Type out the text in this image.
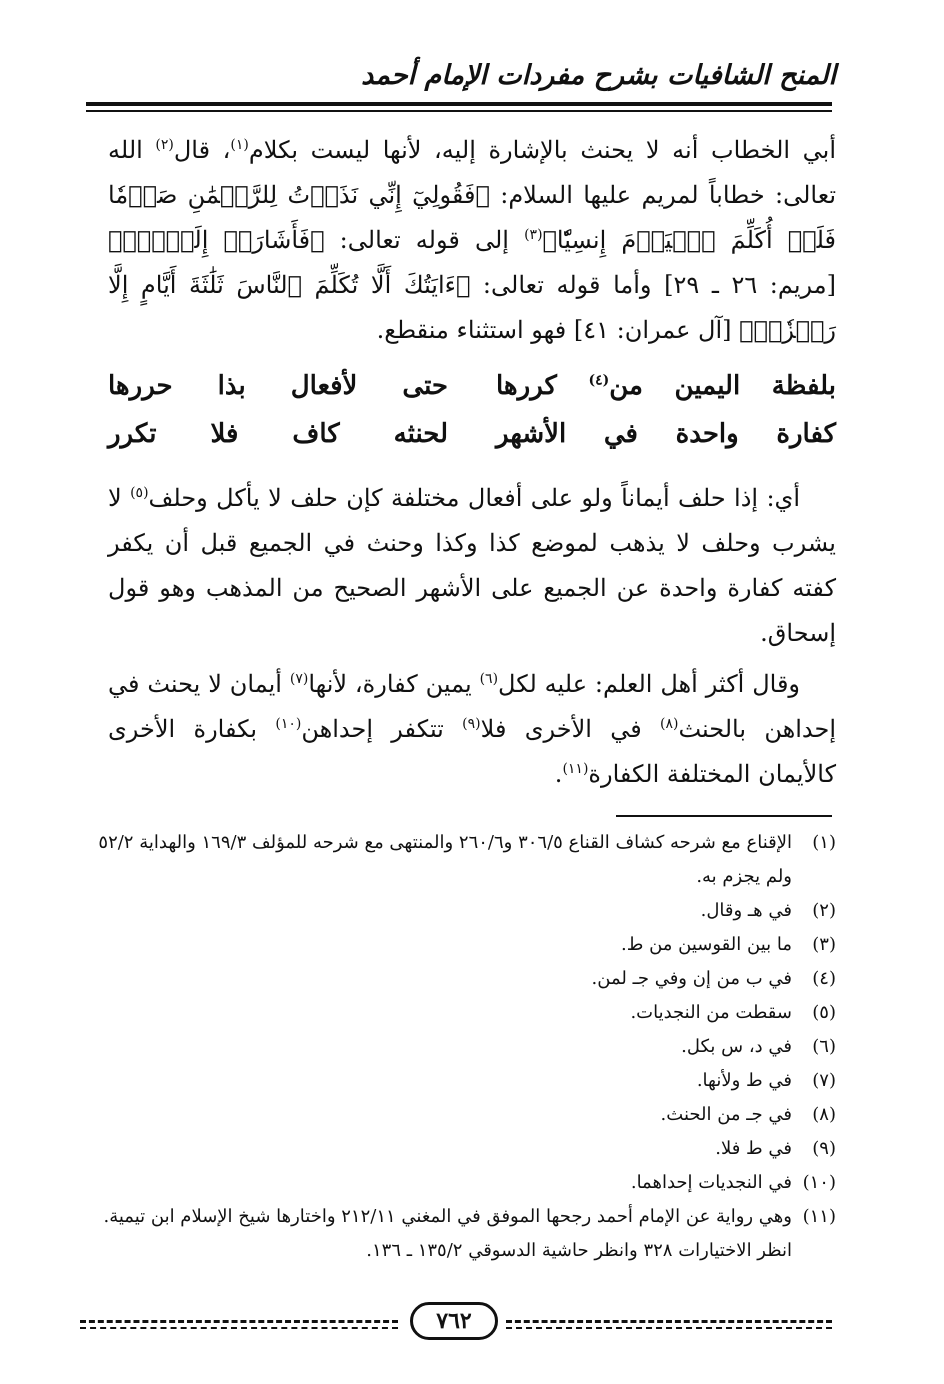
المنح الشافيات بشرح مفردات الإمام أحمد
أبي الخطاب أنه لا يحنث بالإشارة إليه، لأنها ليست بكلام$^{(١)}$، قال$^{(٢)}$ الله تعالى: خطاباً لمريم عليها السلام: ﴿فَقُولِيٓ إِنِّي نَذَرۡتُ لِلرَّحۡمَٰنِ صَوۡمٗا فَلَنۡ أُكَلِّمَ ٱلۡيَوۡمَ إِنسِيّٗا﴾$^{(٣)}$ إلى قوله تعالى: ﴿فَأَشَارَتۡ إِلَيۡهِۖ﴾ [مريم: ٢٦ ـ ٢٩] وأما قوله تعالى: ﴿ءَايَتُكَ أَلَّا تُكَلِّمَ ٱلنَّاسَ ثَلَٰثَةَ أَيَّامٍ إِلَّا رَمۡزٗاۗ﴾ [آل عمران: ٤١] فهو استثناء منقطع.
بلفظة اليمين من$^{(٤)}$ كررها
حتى لأفعال بذا حررها
كفارة واحدة في الأشهر
لحنثه كاف فلا تكرر
أي: إذا حلف أيماناً ولو على أفعال مختلفة كإن حلف لا يأكل وحلف$^{(٥)}$ لا يشرب وحلف لا يذهب لموضع كذا وكذا وحنث في الجميع قبل أن يكفر كفته كفارة واحدة عن الجميع على الأشهر الصحيح من المذهب وهو قول إسحاق.
وقال أكثر أهل العلم: عليه لكل$^{(٦)}$ يمين كفارة، لأنها$^{(٧)}$ أيمان لا يحنث في إحداهن بالحنث$^{(٨)}$ في الأخرى فلا$^{(٩)}$ تتكفر إحداهن$^{(١٠)}$ بكفارة الأخرى كالأيمان المختلفة الكفارة$^{(١١)}$.
(١)
الإقناع مع شرحه كشاف القناع ٣٠٦/٥ و٢٦٠/٦ والمنتهى مع شرحه للمؤلف ١٦٩/٣ والهداية ٥٢/٢ ولم يجزم به.
(٢)
في هـ وقال.
(٣)
ما بين القوسين من ط.
(٤)
في ب من إن وفي جـ لمن.
(٥)
سقطت من النجديات.
(٦)
في د، س بكل.
(٧)
في ط ولأنها.
(٨)
في جـ من الحنث.
(٩)
في ط فلا.
(١٠)
في النجديات إحداهما.
(١١)
وهي رواية عن الإمام أحمد رجحها الموفق في المغني ٢١٢/١١ واختارها شيخ الإسلام ابن تيمية. انظر الاختيارات ٣٢٨ وانظر حاشية الدسوقي ١٣٥/٢ ـ ١٣٦.
٧٦٢
